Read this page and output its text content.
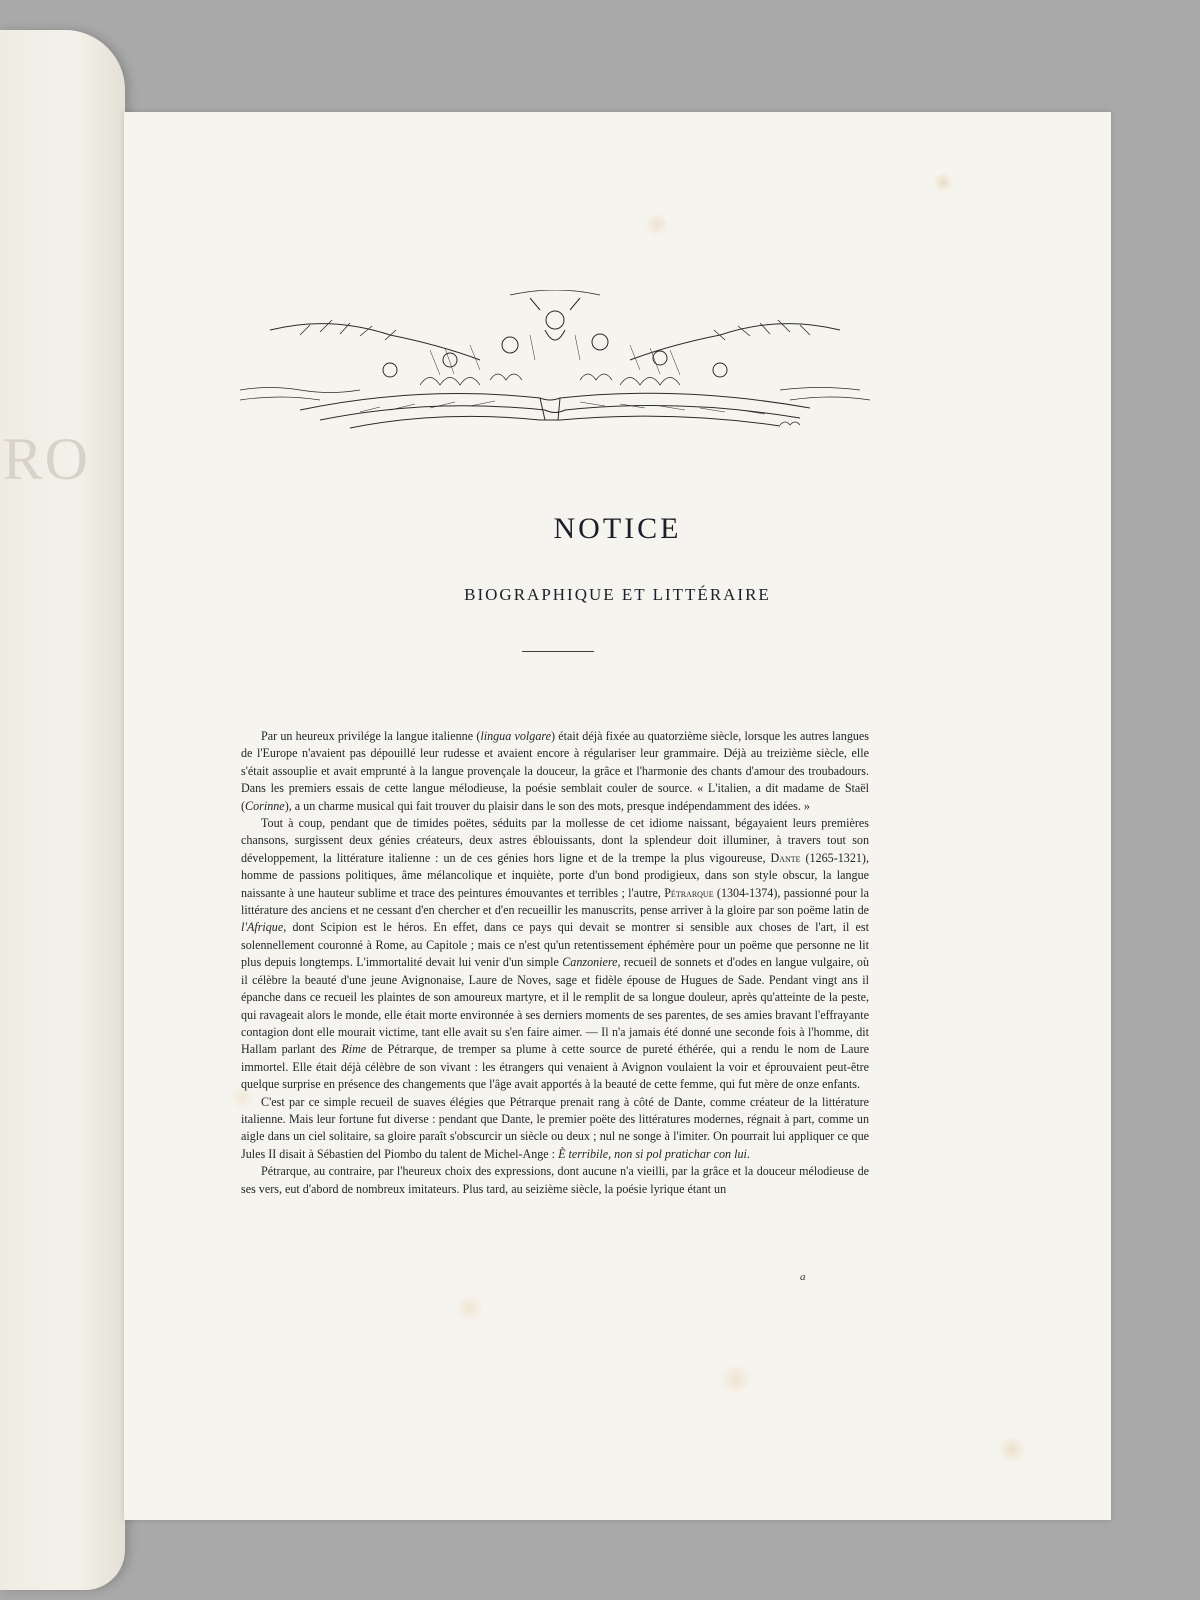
RO
NOTICE
BIOGRAPHIQUE ET LITTÉRAIRE

Par un heureux privilége la langue italienne (lingua volgare) était déjà fixée au quatorzième siècle, lorsque les autres langues de l'Europe n'avaient pas dépouillé leur rudesse et avaient encore à régulariser leur grammaire. Déjà au treizième siècle, elle s'était assouplie et avait emprunté à la langue provençale la douceur, la grâce et l'harmonie des chants d'amour des troubadours. Dans les premiers essais de cette langue mélodieuse, la poésie semblait couler de source. « L'italien, a dit madame de Staël (Corinne), a un charme musical qui fait trouver du plaisir dans le son des mots, presque indépendamment des idées. »

Tout à coup, pendant que de timides poëtes, séduits par la mollesse de cet idiome naissant, bégayaient leurs premières chansons, surgissent deux génies créateurs, deux astres éblouissants, dont la splendeur doit illuminer, à travers tout son développement, la littérature italienne : un de ces génies hors ligne et de la trempe la plus vigoureuse, Dante (1265-1321), homme de passions politiques, âme mélancolique et inquiète, porte d'un bond prodigieux, dans son style obscur, la langue naissante à une hauteur sublime et trace des peintures émouvantes et terribles ; l'autre, Pétrarque (1304-1374), passionné pour la littérature des anciens et ne cessant d'en chercher et d'en recueillir les manuscrits, pense arriver à la gloire par son poëme latin de l'Afrique, dont Scipion est le héros. En effet, dans ce pays qui devait se montrer si sensible aux choses de l'art, il est solennellement couronné à Rome, au Capitole ; mais ce n'est qu'un retentissement éphémère pour un poëme que personne ne lit plus depuis longtemps. L'immortalité devait lui venir d'un simple Canzoniere, recueil de sonnets et d'odes en langue vulgaire, où il célèbre la beauté d'une jeune Avignonaise, Laure de Noves, sage et fidèle épouse de Hugues de Sade. Pendant vingt ans il épanche dans ce recueil les plaintes de son amoureux martyre, et il le remplit de sa longue douleur, après qu'atteinte de la peste, qui ravageait alors le monde, elle était morte environnée à ses derniers moments de ses parentes, de ses amies bravant l'effrayante contagion dont elle mourait victime, tant elle avait su s'en faire aimer. — Il n'a jamais été donné une seconde fois à l'homme, dit Hallam parlant des Rime de Pétrarque, de tremper sa plume à cette source de pureté éthérée, qui a rendu le nom de Laure immortel. Elle était déjà célèbre de son vivant : les étrangers qui venaient à Avignon voulaient la voir et éprouvaient peut-être quelque surprise en présence des changements que l'âge avait apportés à la beauté de cette femme, qui fut mère de onze enfants.

C'est par ce simple recueil de suaves élégies que Pétrarque prenait rang à côté de Dante, comme créateur de la littérature italienne. Mais leur fortune fut diverse : pendant que Dante, le premier poëte des littératures modernes, régnait à part, comme un aigle dans un ciel solitaire, sa gloire paraît s'obscurcir un siècle ou deux ; nul ne songe à l'imiter. On pourrait lui appliquer ce que Jules II disait à Sébastien del Piombo du talent de Michel-Ange : È terribile, non si pol pratichar con lui.

Pétrarque, au contraire, par l'heureux choix des expressions, dont aucune n'a vieilli, par la grâce et la douceur mélodieuse de ses vers, eut d'abord de nombreux imitateurs. Plus tard, au seizième siècle, la poésie lyrique étant un

a
